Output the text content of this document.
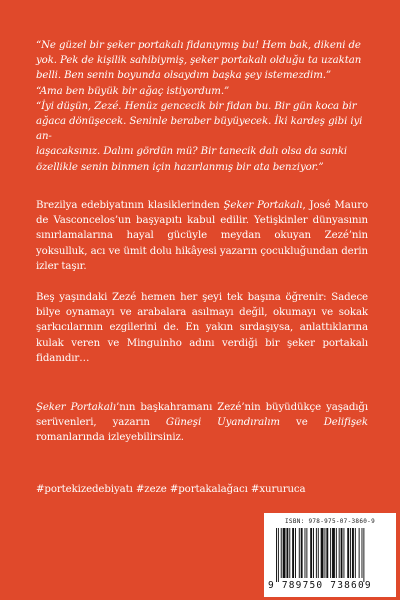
“Ne güzel bir şeker portakalı fidanıymış bu! Hem bak, dikeni de

yok. Pek de kişilik sahibiymiş, şeker portakalı olduğu ta uzaktan

belli. Ben senin boyunda olsaydım başka şey istemezdim.”

“Ama ben büyük bir ağaç istiyordum.”

“İyi düşün, Zezé. Henüz gencecik bir fidan bu. Bir gün koca bir

ağaca dönüşecek. Seninle beraber büyüyecek. İki kardeş gibi iyi an-

laşacaksınız. Dalını gördün mü? Bir tanecik dalı olsa da sanki

özellikle senin binmen için hazırlanmış bir ata benziyor.”

Brezilya edebiyatının klasiklerinden Şeker Portakalı, José Mauro de Vasconcelos’un başyapıtı kabul edilir. Yetişkinler dünyasının sınırlamalarına hayal gücüyle meydan okuyan Zezé’nin yoksulluk, acı ve ümit dolu hikâyesi yazarın çocukluğundan derin izler taşır.

Beş yaşındaki Zezé hemen her şeyi tek başına öğrenir: Sadece bilye oynamayı ve arabalara asılmayı değil, okumayı ve sokak şarkıcılarının ezgilerini de. En yakın sırdaşıysa, anlattıklarına kulak veren ve Minguinho adını verdiği bir şeker portakalı fidanıdır…

Şeker Portakalı’nın başkahramanı Zezé’nin büyüdükçe yaşadığı serüvenleri, yazarın Güneşi Uyandıralım ve Delifişek romanlarında izleyebilirsiniz.

#portekizedebiyatı #zeze #portakalağacı #xururuca
ISBN: 978-975-07-3860-9
9 789750 738609
